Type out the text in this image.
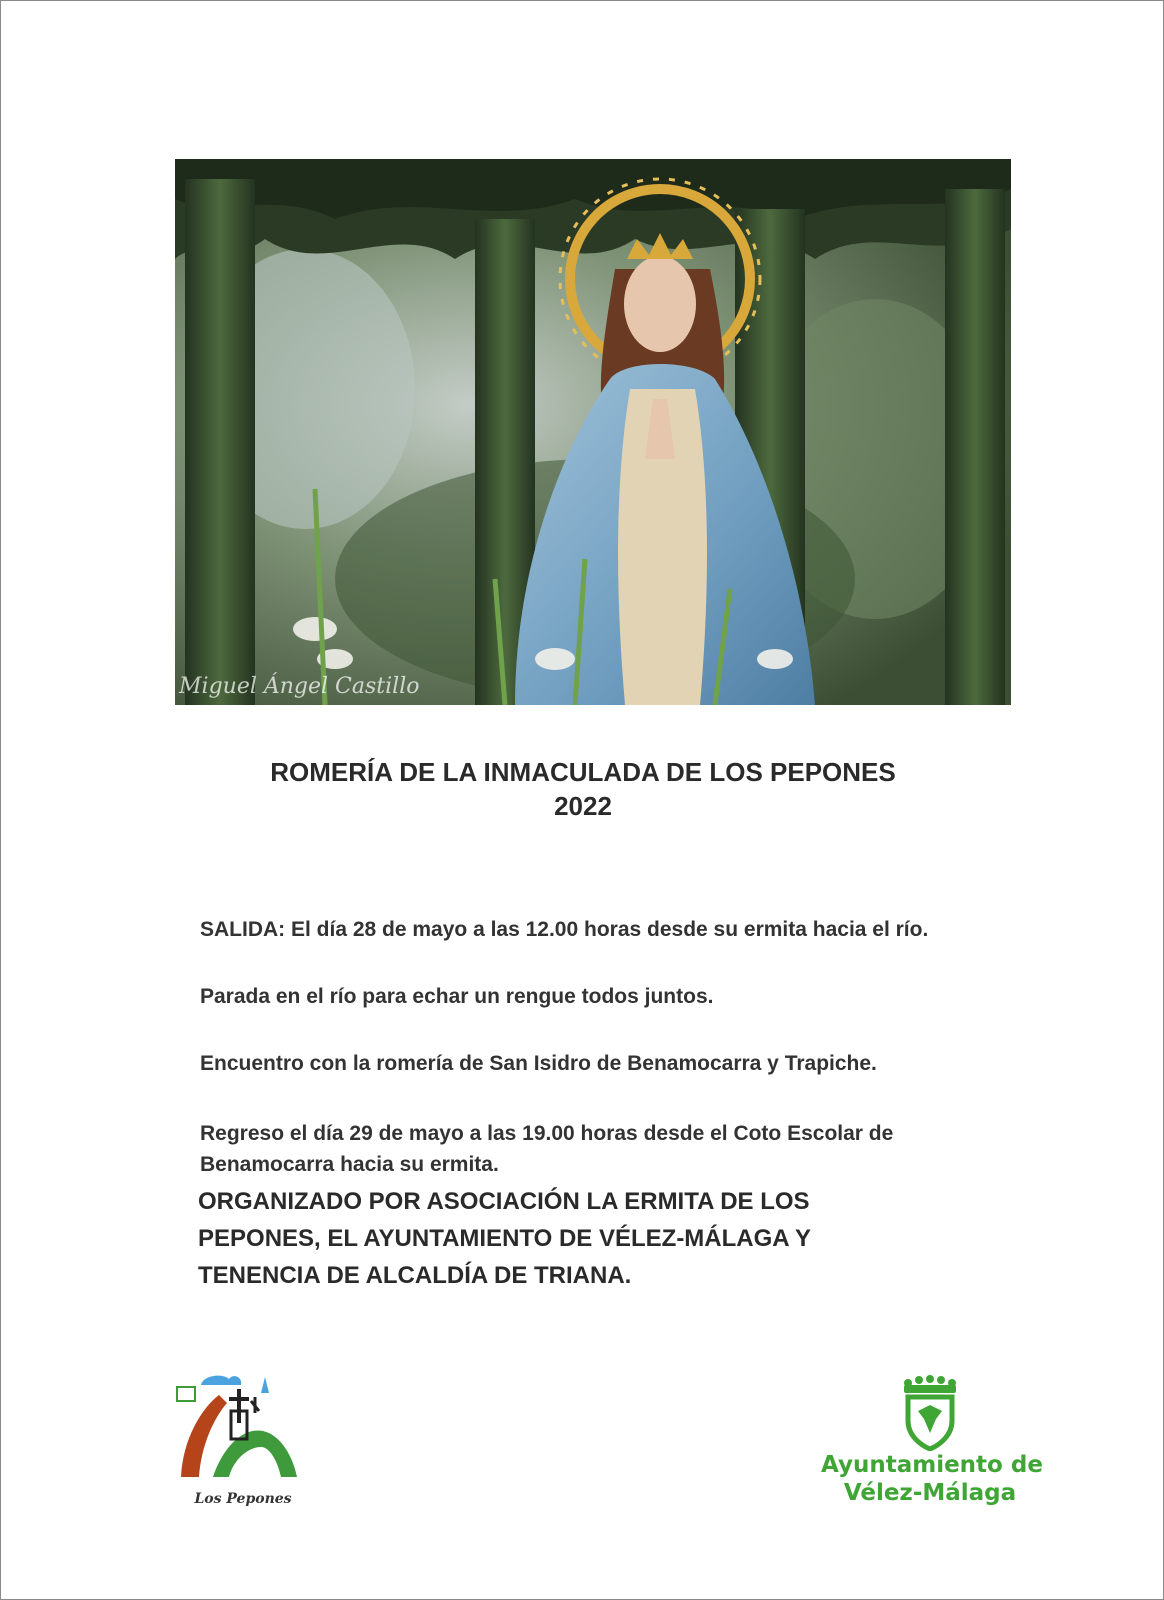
Miguel Ángel Castillo
ROMERÍA DE LA INMACULADA DE LOS PEPONES
2022
SALIDA: El día 28 de mayo a las 12.00 horas desde su ermita hacia el río.
Parada en el río para echar un rengue todos juntos.
Encuentro con la romería de San Isidro de Benamocarra y Trapiche.
Regreso el día 29 de mayo a las 19.00 horas desde el Coto Escolar de Benamocarra hacia su ermita.
ORGANIZADO POR ASOCIACIÓN LA ERMITA DE LOS
PEPONES, EL AYUNTAMIENTO DE VÉLEZ-MÁLAGA Y
TENENCIA DE ALCALDÍA DE TRIANA.
Los Pepones
Ayuntamiento de
Vélez-Málaga
